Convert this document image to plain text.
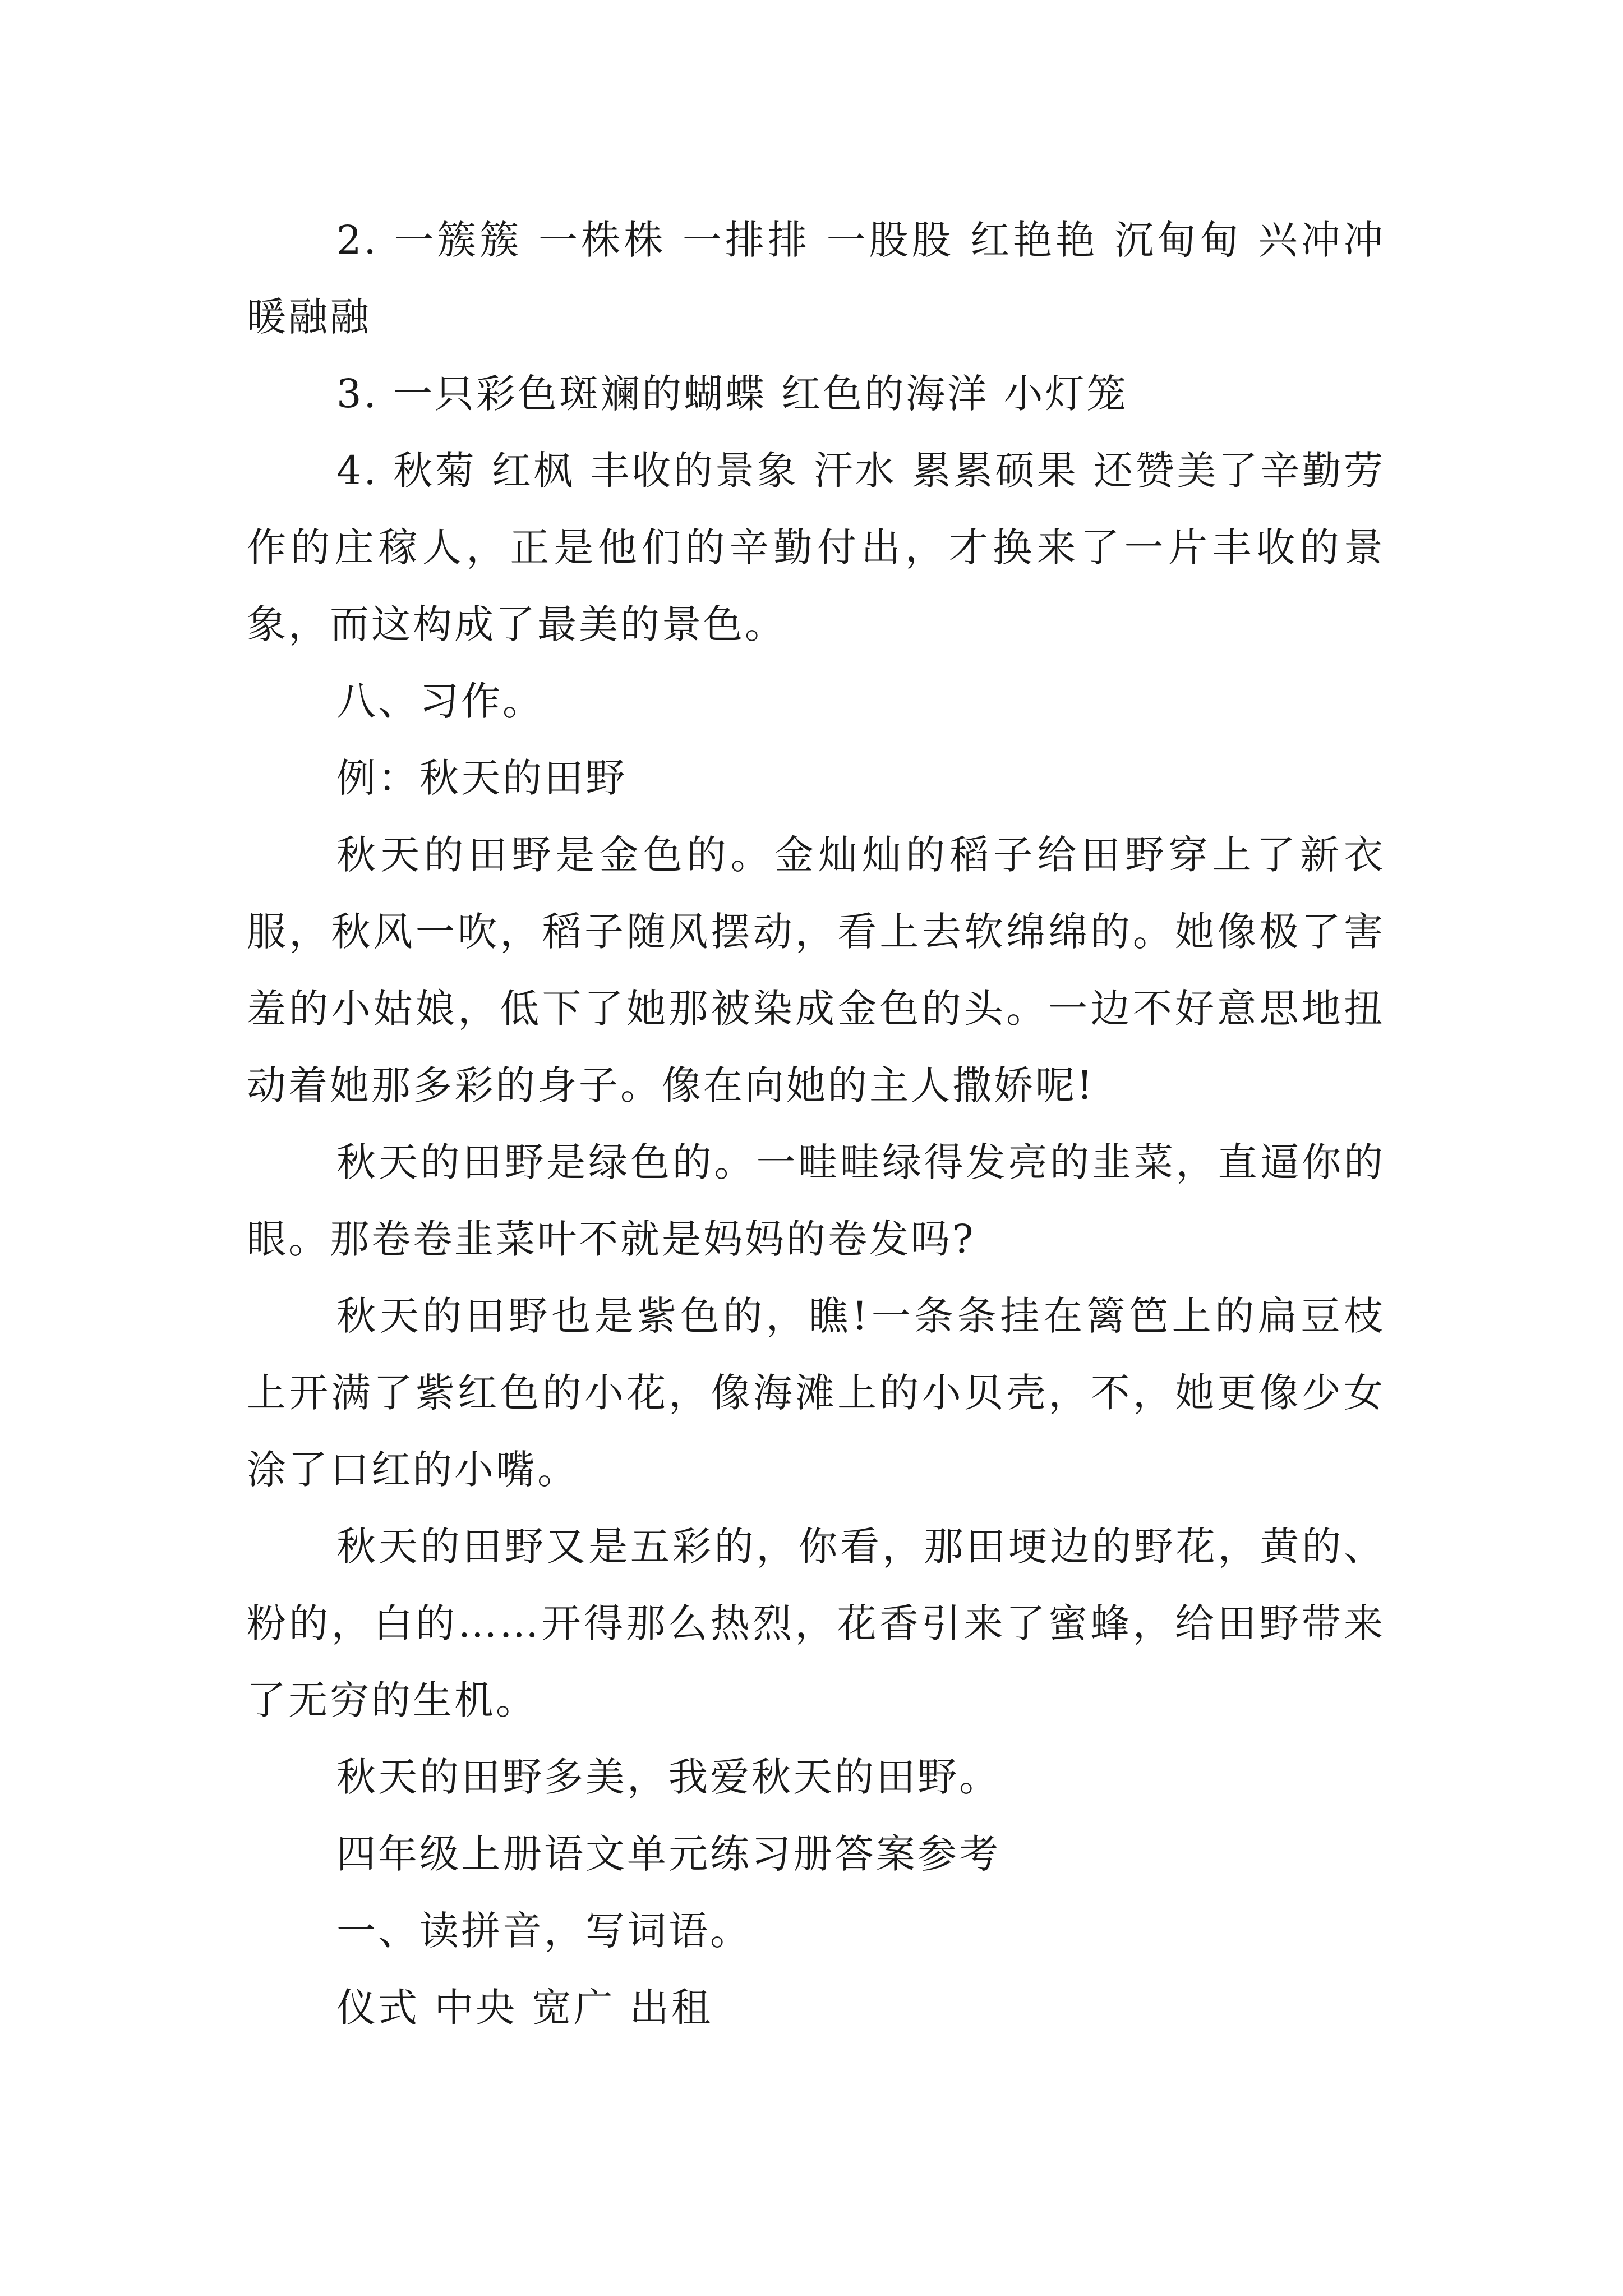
2. 一簇簇 一株株 一排排 一股股 红艳艳 沉甸甸 兴冲冲 暖融融

3. 一只彩色斑斓的蝴蝶 红色的海洋 小灯笼

4. 秋菊 红枫 丰收的景象 汗水 累累硕果 还赞美了辛勤劳作的庄稼人，正是他们的辛勤付出，才换来了一片丰收的景象，而这构成了最美的景色。

八、习作。

例：秋天的田野

秋天的田野是金色的。金灿灿的稻子给田野穿上了新衣服，秋风一吹，稻子随风摆动，看上去软绵绵的。她像极了害羞的小姑娘，低下了她那被染成金色的头。一边不好意思地扭动着她那多彩的身子。像在向她的主人撒娇呢!

秋天的田野是绿色的。一畦畦绿得发亮的韭菜，直逼你的眼。那卷卷韭菜叶不就是妈妈的卷发吗?

秋天的田野也是紫色的，瞧!一条条挂在篱笆上的扁豆枝上开满了紫红色的小花，像海滩上的小贝壳，不，她更像少女涂了口红的小嘴。

秋天的田野又是五彩的，你看，那田埂边的野花，黄的、粉的，白的……开得那么热烈，花香引来了蜜蜂，给田野带来了无穷的生机。

秋天的田野多美，我爱秋天的田野。

四年级上册语文单元练习册答案参考

一、读拼音，写词语。

仪式 中央 宽广 出租
